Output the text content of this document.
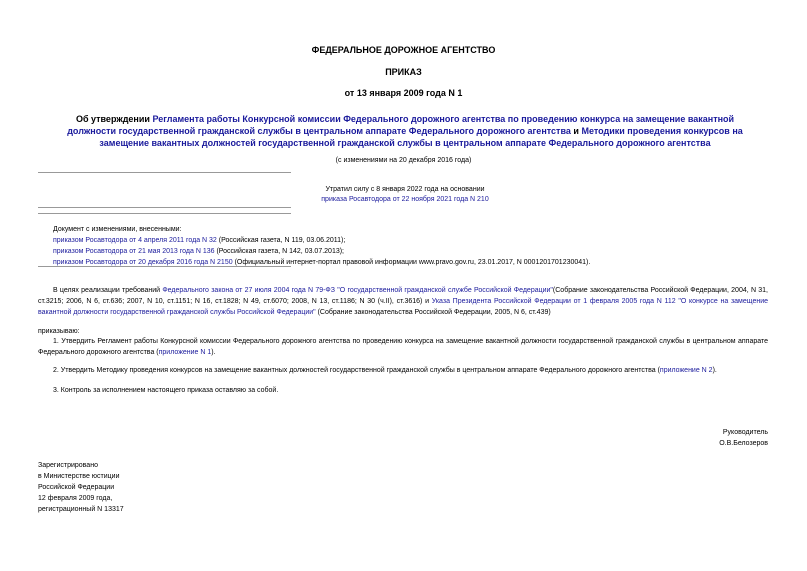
ФЕДЕРАЛЬНОЕ ДОРОЖНОЕ АГЕНТСТВО
ПРИКАЗ
от 13 января 2009 года N 1
Об утверждении Регламента работы Конкурсной комиссии Федерального дорожного агентства по проведению конкурса на замещение вакантной должности государственной гражданской службы в центральном аппарате Федерального дорожного агентства и Методики проведения конкурсов на замещение вакантных должностей государственной гражданской службы в центральном аппарате Федерального дорожного агентства
(с изменениями на 20 декабря 2016 года)
Утратил силу с 8 января 2022 года на основании
приказа Росавтодора от 22 ноября 2021 года N 210
Документ с изменениями, внесенными:
приказом Росавтодора от 4 апреля 2011 года N 32 (Российская газета, N 119, 03.06.2011);
приказом Росавтодора от 21 мая 2013 года N 136 (Российская газета, N 142, 03.07.2013);
приказом Росавтодора от 20 декабря 2016 года N 2150 (Официальный интернет-портал правовой информации www.pravo.gov.ru, 23.01.2017, N 0001201701230041).
В целях реализации требований Федерального закона от 27 июля 2004 года N 79-ФЗ "О государственной гражданской службе Российской Федерации"(Собрание законодательства Российской Федерации, 2004, N 31, ст.3215; 2006, N 6, ст.636; 2007, N 10, ст.1151; N 16, ст.1828; N 49, ст.6070; 2008, N 13, ст.1186; N 30 (ч.II), ст.3616) и Указа Президента Российской Федерации от 1 февраля 2005 года N 112 "О конкурсе на замещение вакантной должности государственной гражданской службы Российской Федерации" (Собрание законодательства Российской Федерации, 2005, N 6, ст.439)
приказываю:
1. Утвердить Регламент работы Конкурсной комиссии Федерального дорожного агентства по проведению конкурса на замещение вакантной должности государственной гражданской службы в центральном аппарате Федерального дорожного агентства (приложение N 1).
2. Утвердить Методику проведения конкурсов на замещение вакантных должностей государственной гражданской службы в центральном аппарате Федерального дорожного агентства (приложение N 2).
3. Контроль за исполнением настоящего приказа оставляю за собой.
Руководитель
О.В.Белозеров
Зарегистрировано
в Министерстве юстиции
Российской Федерации
12 февраля 2009 года,
регистрационный N 13317
